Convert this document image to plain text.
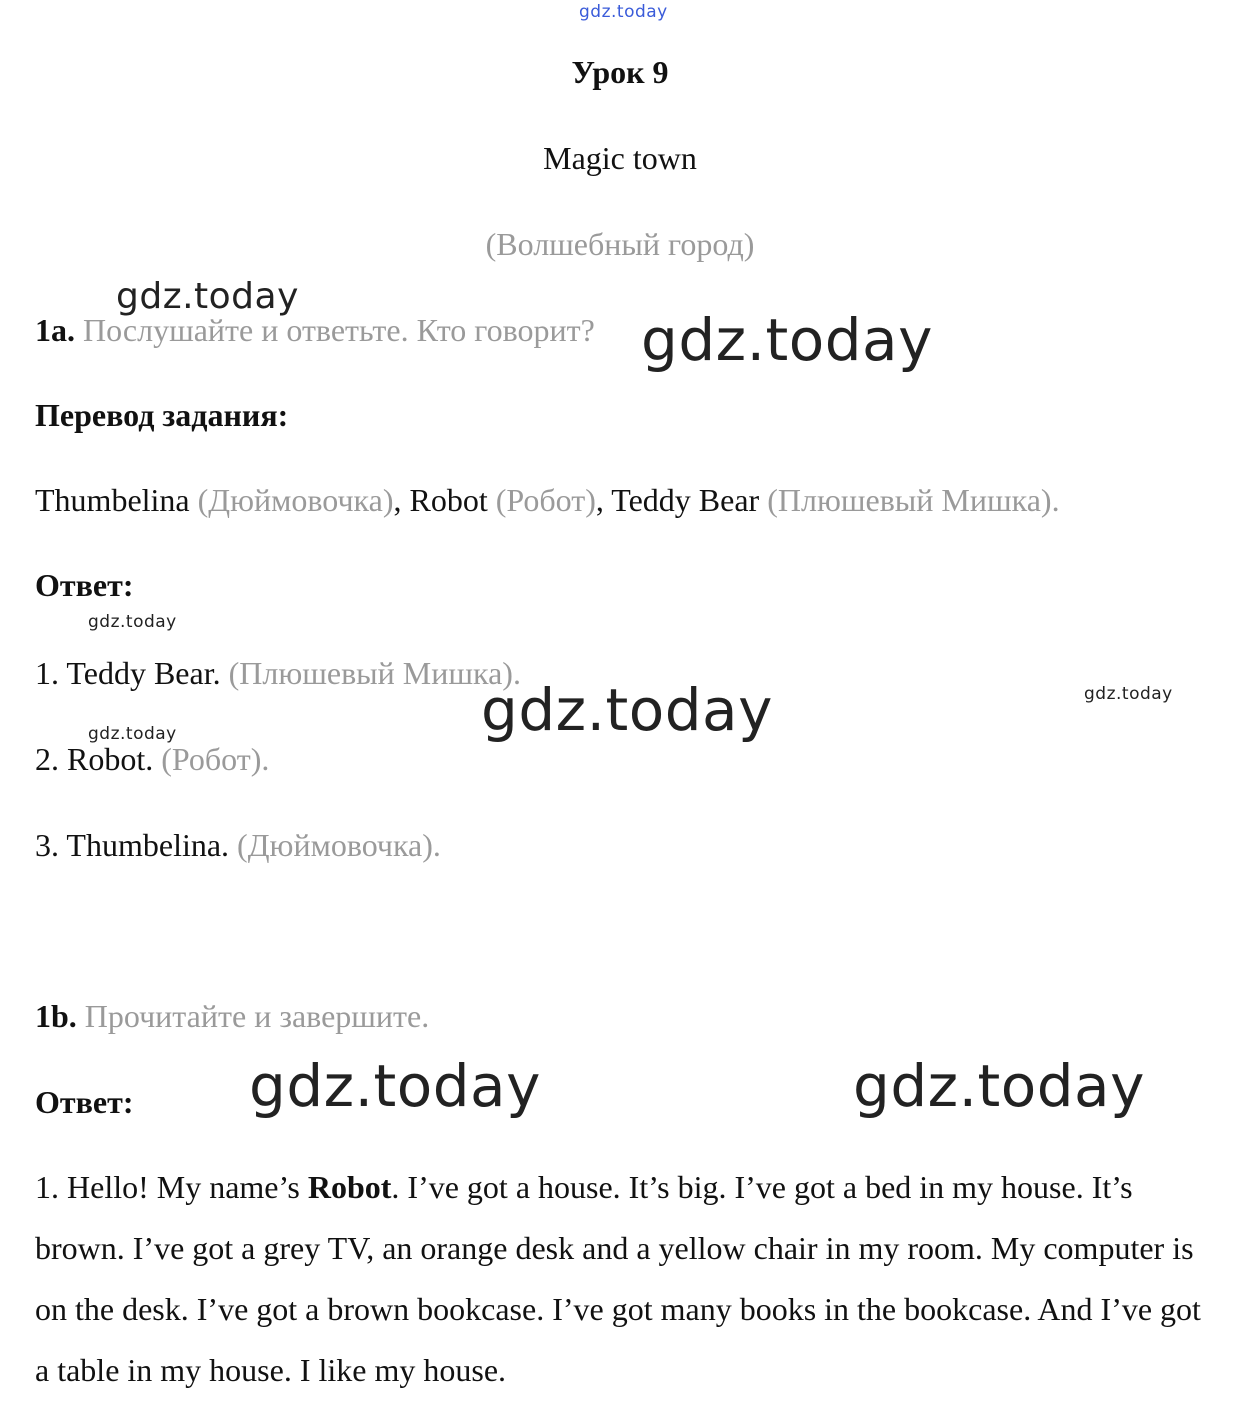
gdz.today
gdz.today
gdz.today
gdz.today
gdz.today
gdz.today
gdz.today
gdz.today	gdz.today
Урок 9
Magic town
(Волшебный город)
1a. Послушайте и ответьте. Кто говорит?
Перевод задания:
Thumbelina (Дюймовочка), Robot (Робот), Teddy Bear (Плюшевый Мишка).
Ответ:
1. Teddy Bear. (Плюшевый Мишка).
2. Robot. (Робот).
3. Thumbelina. (Дюймовочка).
1b. Прочитайте и завершите.
Ответ:
1. Hello! My name’s Robot. I’ve got a house. It’s big. I’ve got a bed in my house. It’s brown. I’ve got a grey TV, an orange desk and a yellow chair in my room. My computer is on the desk. I’ve got a brown bookcase. I’ve got many books in the bookcase. And I’ve got a table in my house. I like my house.
